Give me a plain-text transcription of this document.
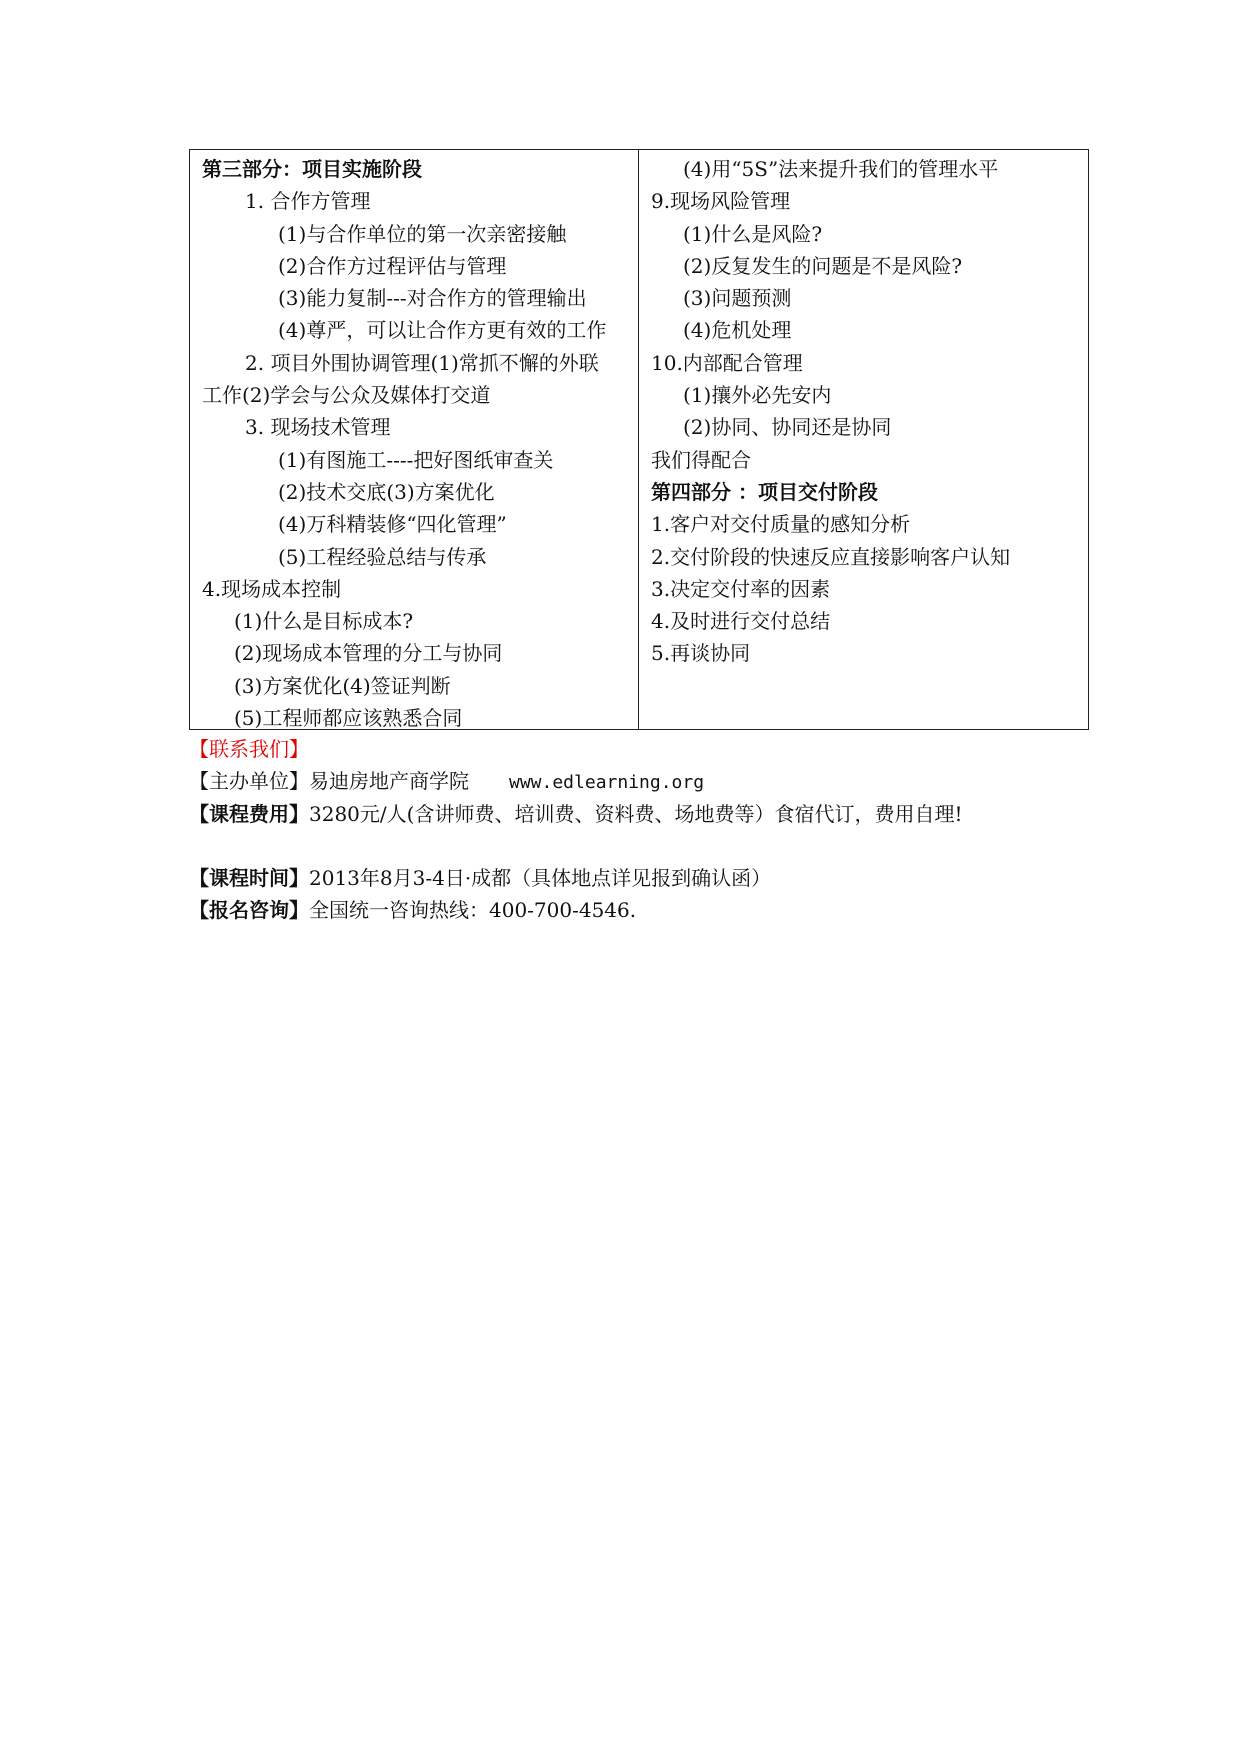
第三部分：项目实施阶段
1. 合作方管理
(1)与合作单位的第一次亲密接触
(2)合作方过程评估与管理
(3)能力复制---对合作方的管理输出
(4)尊严，可以让合作方更有效的工作
2. 项目外围协调管理(1)常抓不懈的外联
工作(2)学会与公众及媒体打交道
3. 现场技术管理
(1)有图施工----把好图纸审查关
(2)技术交底(3)方案优化
(4)万科精装修“四化管理”
(5)工程经验总结与传承
4.现场成本控制
(1)什么是目标成本?
(2)现场成本管理的分工与协同
(3)方案优化(4)签证判断
(5)工程师都应该熟悉合同
(4)用“5S”法来提升我们的管理水平
9.现场风险管理
(1)什么是风险?
(2)反复发生的问题是不是风险?
(3)问题预测
(4)危机处理
10.内部配合管理
(1)攘外必先安内
(2)协同、协同还是协同
我们得配合
第四部分 ：项目交付阶段
1.客户对交付质量的感知分析
2.交付阶段的快速反应直接影响客户认知
3.决定交付率的因素
4.及时进行交付总结
5.再谈协同
【联系我们】
【主办单位】易迪房地产商学院 www.edlearning.org
【课程费用】3280元/人(含讲师费、培训费、资料费、场地费等）食宿代订，费用自理!
【课程时间】2013年8月3-4日·成都（具体地点详见报到确认函）
【报名咨询】全国统一咨询热线：400-700-4546.
